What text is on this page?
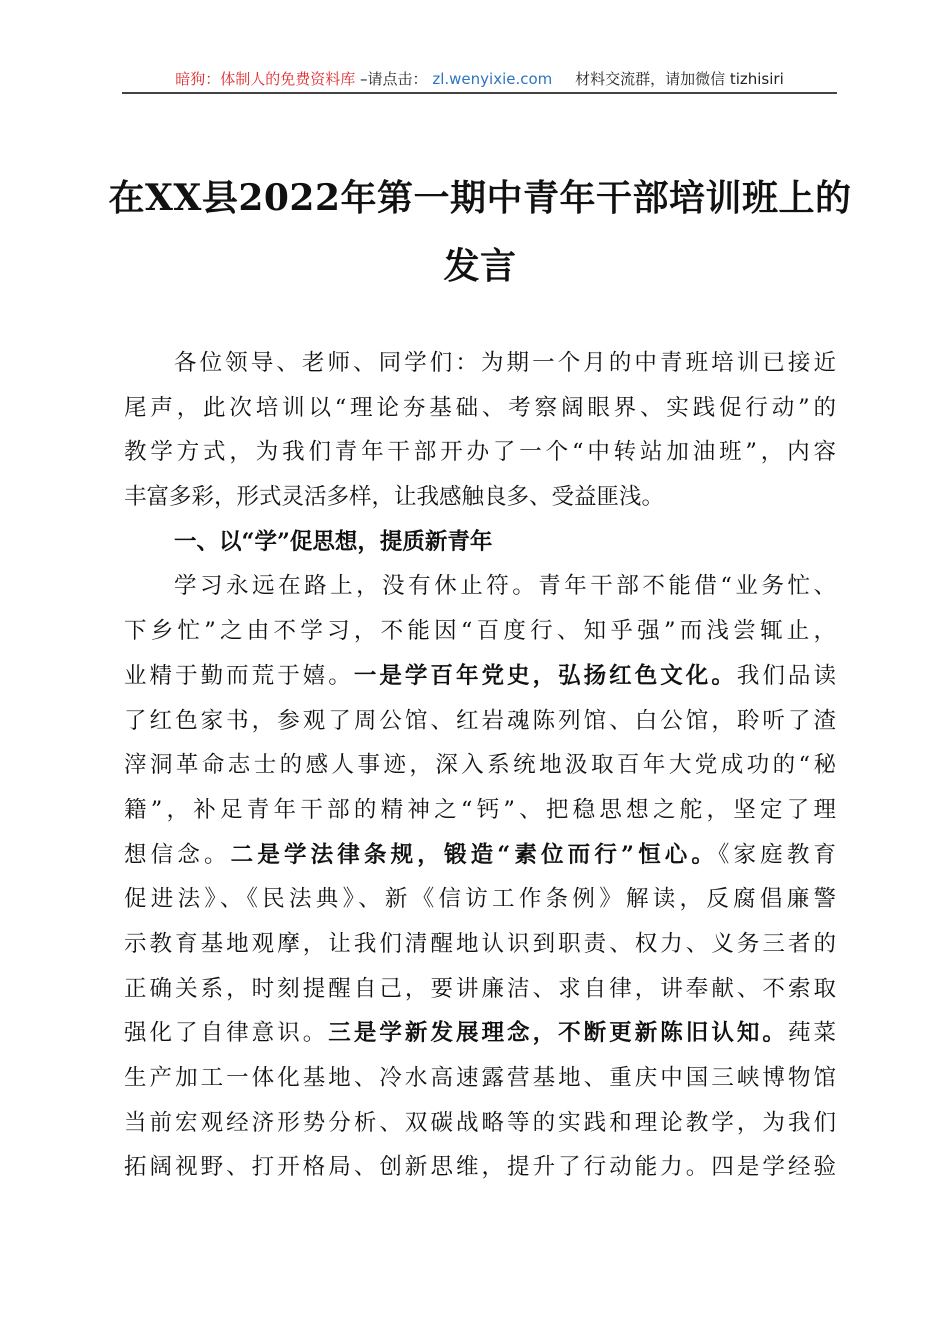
暗狗：体制人的免费资料库 –请点击： zl.wenyixie.com 材料交流群，请加微信 tizhisiri
在XX县2022年第一期中青年干部培训班上的
发言
各位领导、老师、同学们：为期一个月的中青班培训已接近
尾声，此次培训以“理论夯基础、考察阔眼界、实践促行动”的
教学方式，为我们青年干部开办了一个“中转站加油班”，内容
丰富多彩，形式灵活多样，让我感触良多、受益匪浅。
一、以“学”促思想，提质新青年
学习永远在路上，没有休止符。青年干部不能借“业务忙、
下乡忙”之由不学习，不能因“百度行、知乎强”而浅尝辄止，
业精于勤而荒于嬉。一是学百年党史，弘扬红色文化。我们品读
了红色家书，参观了周公馆、红岩魂陈列馆、白公馆，聆听了渣
滓洞革命志士的感人事迹，深入系统地汲取百年大党成功的“秘
籍”，补足青年干部的精神之“钙”、把稳思想之舵，坚定了理
想信念。二是学法律条规，锻造“素位而行”恒心。《家庭教育
促进法》、《民法典》、新《信访工作条例》解读，反腐倡廉警
示教育基地观摩，让我们清醒地认识到职责、权力、义务三者的
正确关系，时刻提醒自己，要讲廉洁、求自律，讲奉献、不索取
强化了自律意识。三是学新发展理念，不断更新陈旧认知。莼菜
生产加工一体化基地、冷水高速露营基地、重庆中国三峡博物馆
当前宏观经济形势分析、双碳战略等的实践和理论教学，为我们
拓阔视野、打开格局、创新思维，提升了行动能力。四是学经验
